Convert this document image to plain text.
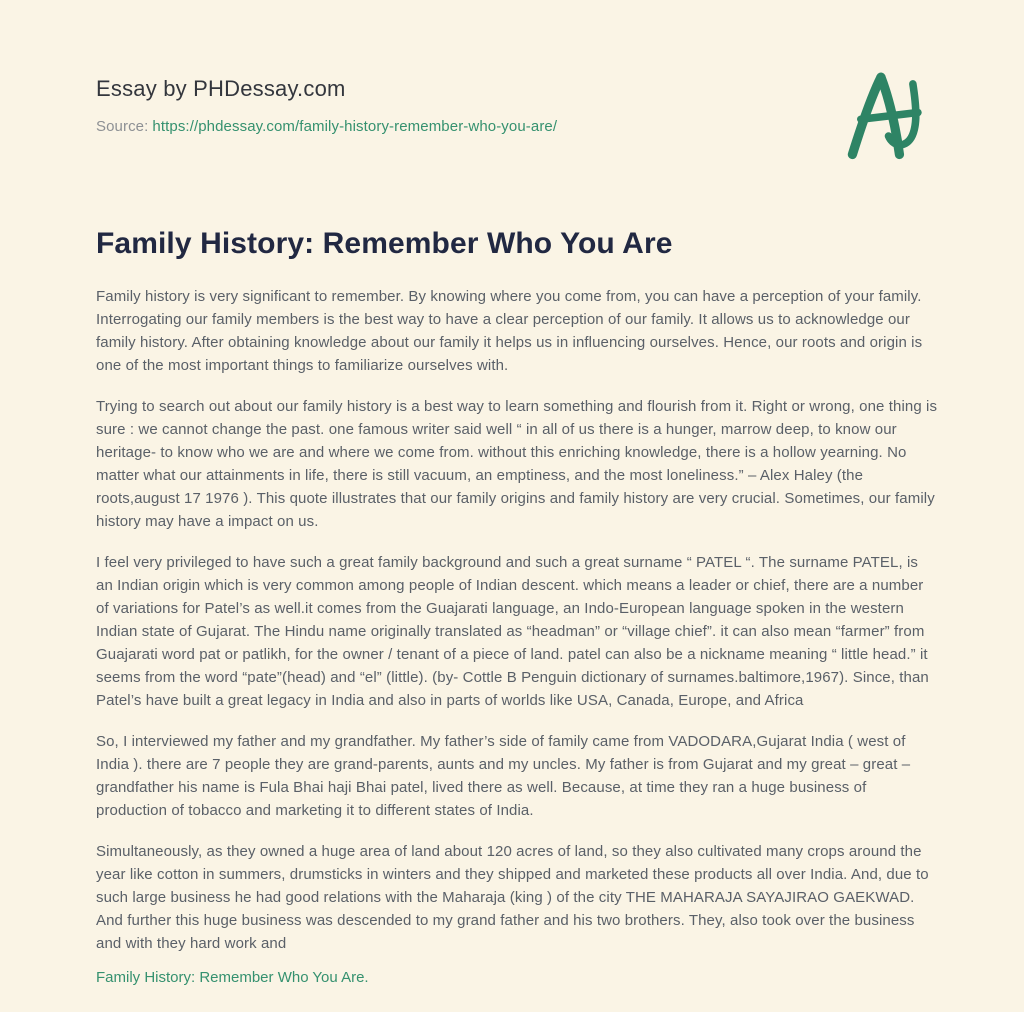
Essay by PHDessay.com
Source: https://phdessay.com/family-history-remember-who-you-are/
Family History: Remember Who You Are

Family history is very significant to remember. By knowing where you come from, you can have a perception of your family. Interrogating our family members is the best way to have a clear perception of our family. It allows us to acknowledge our family history. After obtaining knowledge about our family it helps us in influencing ourselves. Hence, our roots and origin is one of the most important things to familiarize ourselves with.

Trying to search out about our family history is a best way to learn something and flourish from it. Right or wrong, one thing is sure : we cannot change the past. one famous writer said well “ in all of us there is a hunger, marrow deep, to know our heritage- to know who we are and where we come from. without this enriching knowledge, there is a hollow yearning. No matter what our attainments in life, there is still vacuum, an emptiness, and the most loneliness.” – Alex Haley (the roots,august 17 1976 ). This quote illustrates that our family origins and family history are very crucial. Sometimes, our family history may have a impact on us.

I feel very privileged to have such a great family background and such a great surname “ PATEL “. The surname PATEL, is an Indian origin which is very common among people of Indian descent. which means a leader or chief, there are a number of variations for Patel’s as well.it comes from the Guajarati language, an Indo-European language spoken in the western Indian state of Gujarat. The Hindu name originally translated as “headman” or “village chief”. it can also mean “farmer” from Guajarati word pat or patlikh, for the owner / tenant of a piece of land. patel can also be a nickname meaning “ little head.” it seems from the word “pate”(head) and “el” (little). (by- Cottle B Penguin dictionary of surnames.baltimore,1967). Since, than Patel’s have built a great legacy in India and also in parts of worlds like USA, Canada, Europe, and Africa

So, I interviewed my father and my grandfather. My father’s side of family came from VADODARA,Gujarat India ( west of India ). there are 7 people they are grand-parents, aunts and my uncles. My father is from Gujarat and my great – great – grandfather his name is Fula Bhai haji Bhai patel, lived there as well. Because, at time they ran a huge business of production of tobacco and marketing it to different states of India.

Simultaneously, as they owned a huge area of land about 120 acres of land, so they also cultivated many crops around the year like cotton in summers, drumsticks in winters and they shipped and marketed these products all over India. And, due to such large business he had good relations with the Maharaja (king ) of the city THE MAHARAJA SAYAJIRAO GAEKWAD. And further this huge business was descended to my grand father and his two brothers. They, also took over the business and with they hard work and

Family History: Remember Who You Are.
